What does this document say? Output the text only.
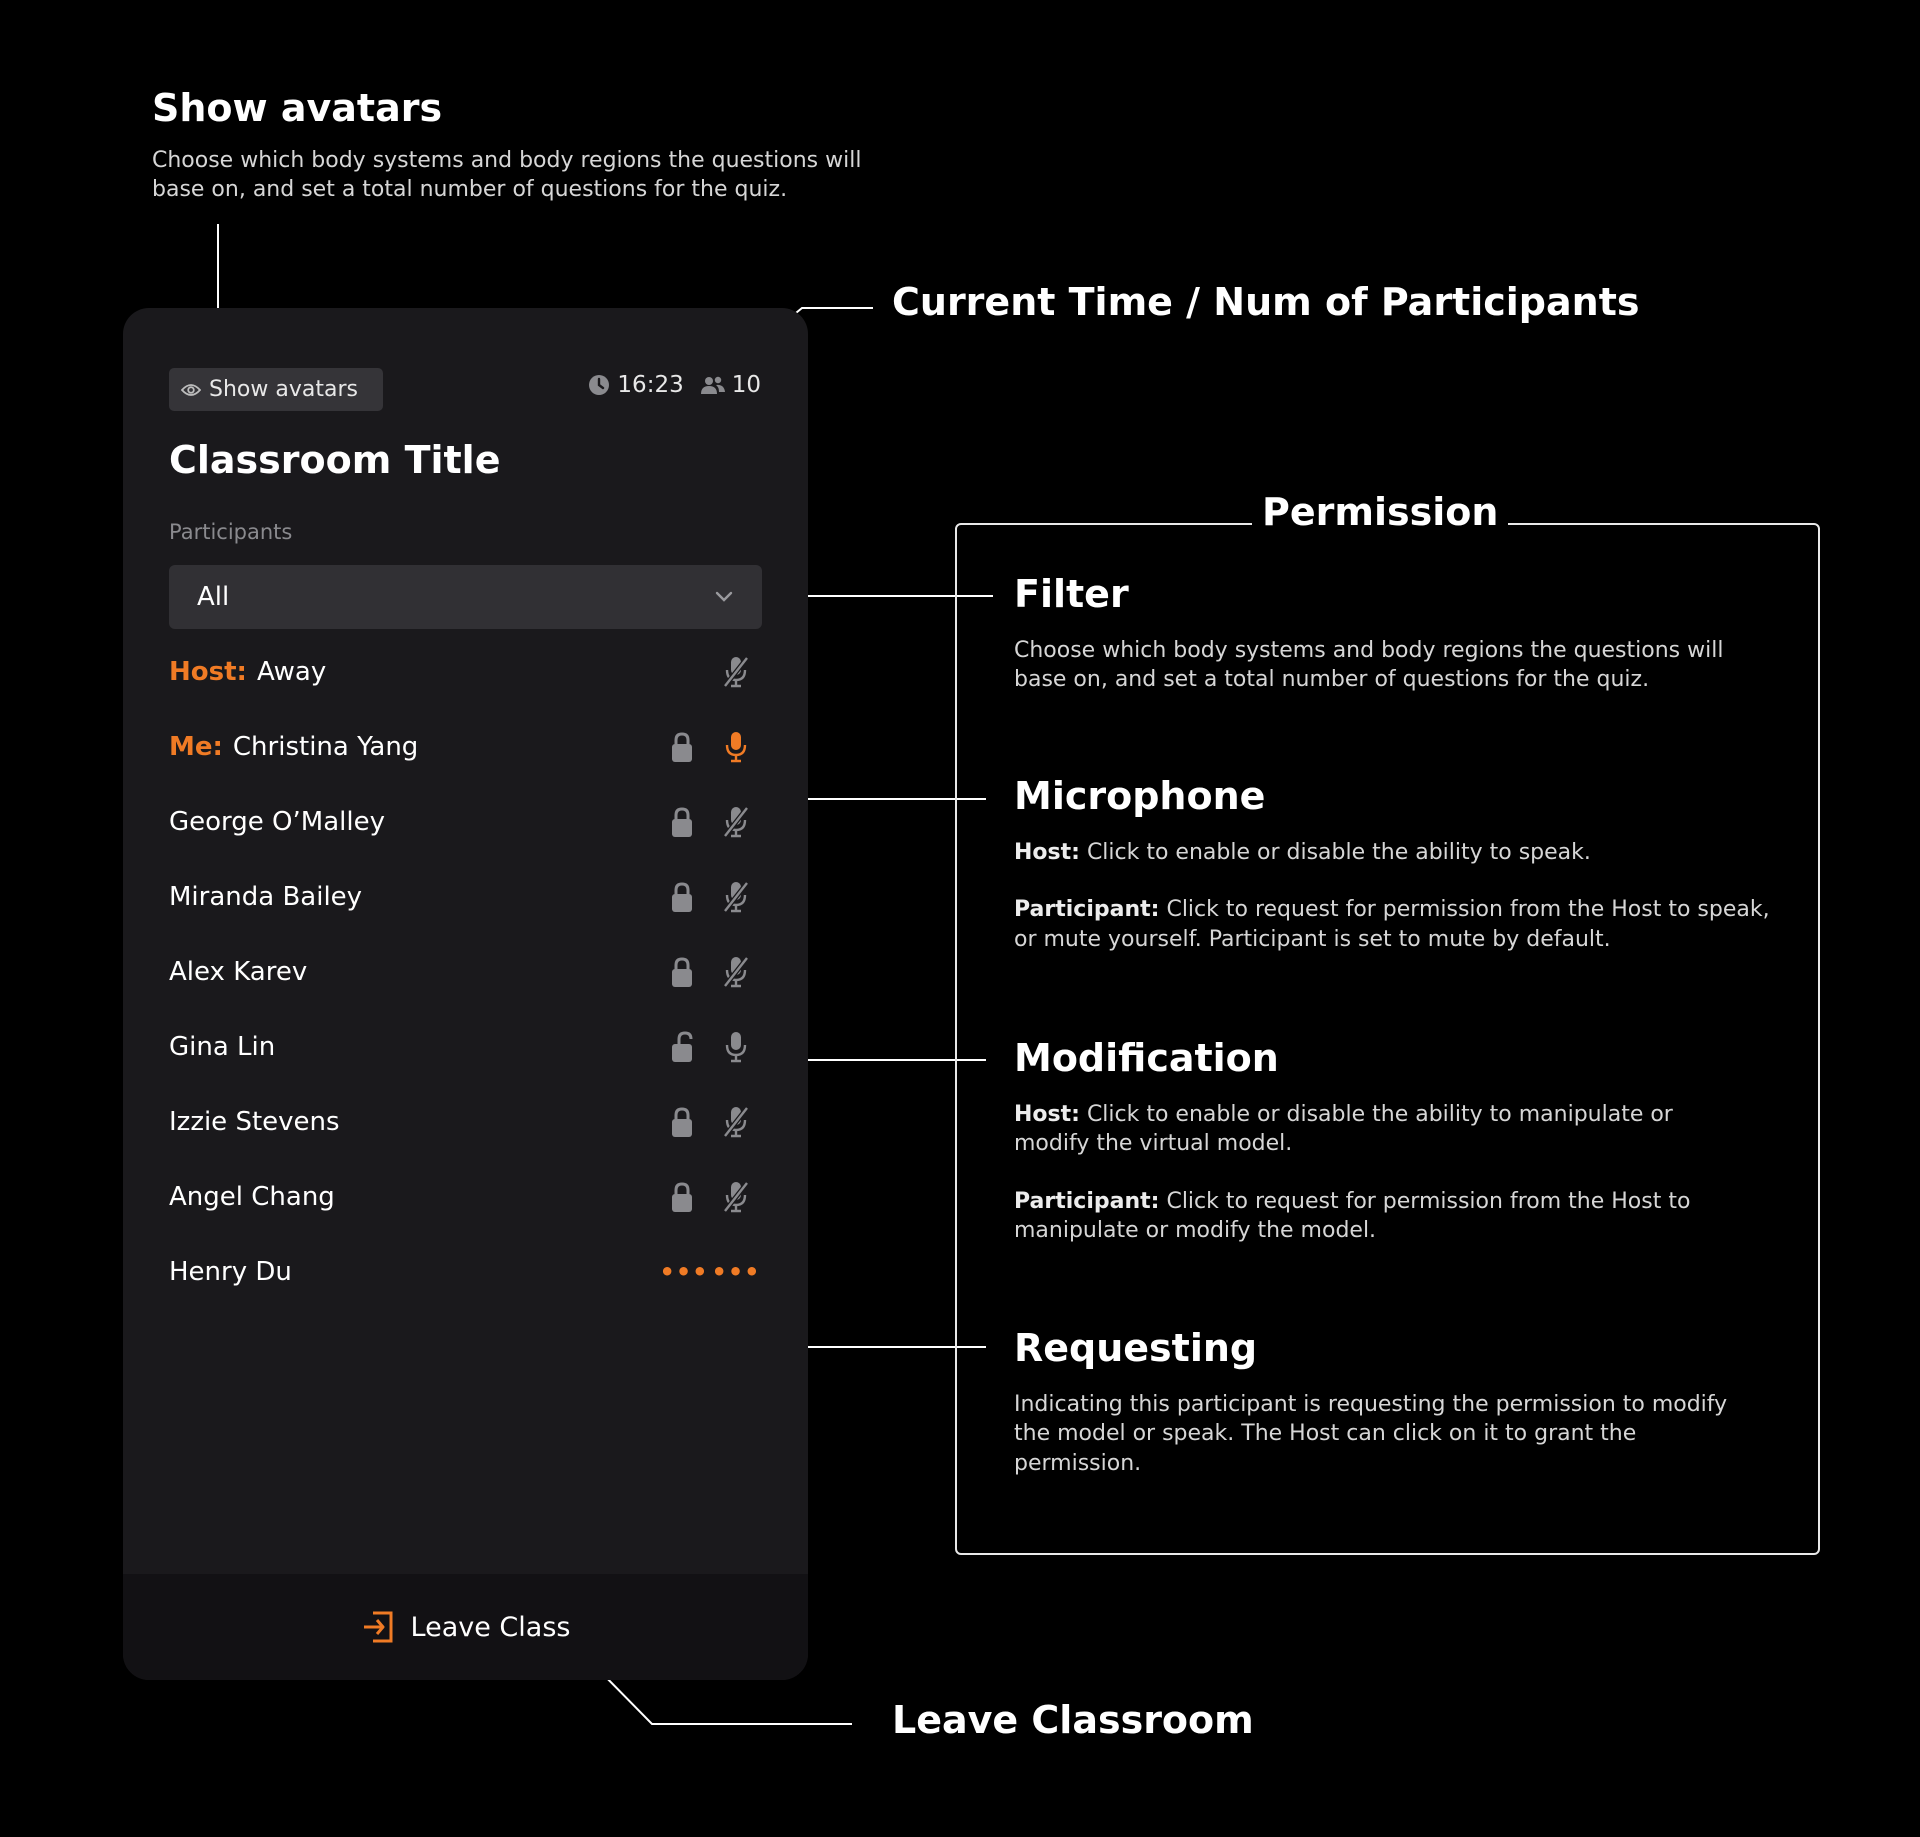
Show avatars	16:23 10
Classroom Title
Participants
All
Host: Away
Me: Christina Yang
George O’Malley
Miranda Bailey
Alex Karev
Gina Lin
Izzie Stevens
Angel Chang
Henry Du	••• •••
Leave Class
Show avatars

Choose which body systems and body regions the questions will base on, and set a total number of questions for the quiz.

Current Time / Num of Participants
Permission
Filter

Choose which body systems and body regions the questions will base on, and set a total number of questions for the quiz.

Microphone

Host: Click to enable or disable the ability to speak.

Participant: Click to request for permission from the Host to speak, or mute yourself. Participant is set to mute by default.

Modification

Host: Click to enable or disable the ability to manipulate or modify the virtual model.

Participant: Click to request for permission from the Host to manipulate or modify the model.

Requesting

Indicating this participant is requesting the permission to modify the model or speak. The Host can click on it to grant the permission.

Leave Classroom
